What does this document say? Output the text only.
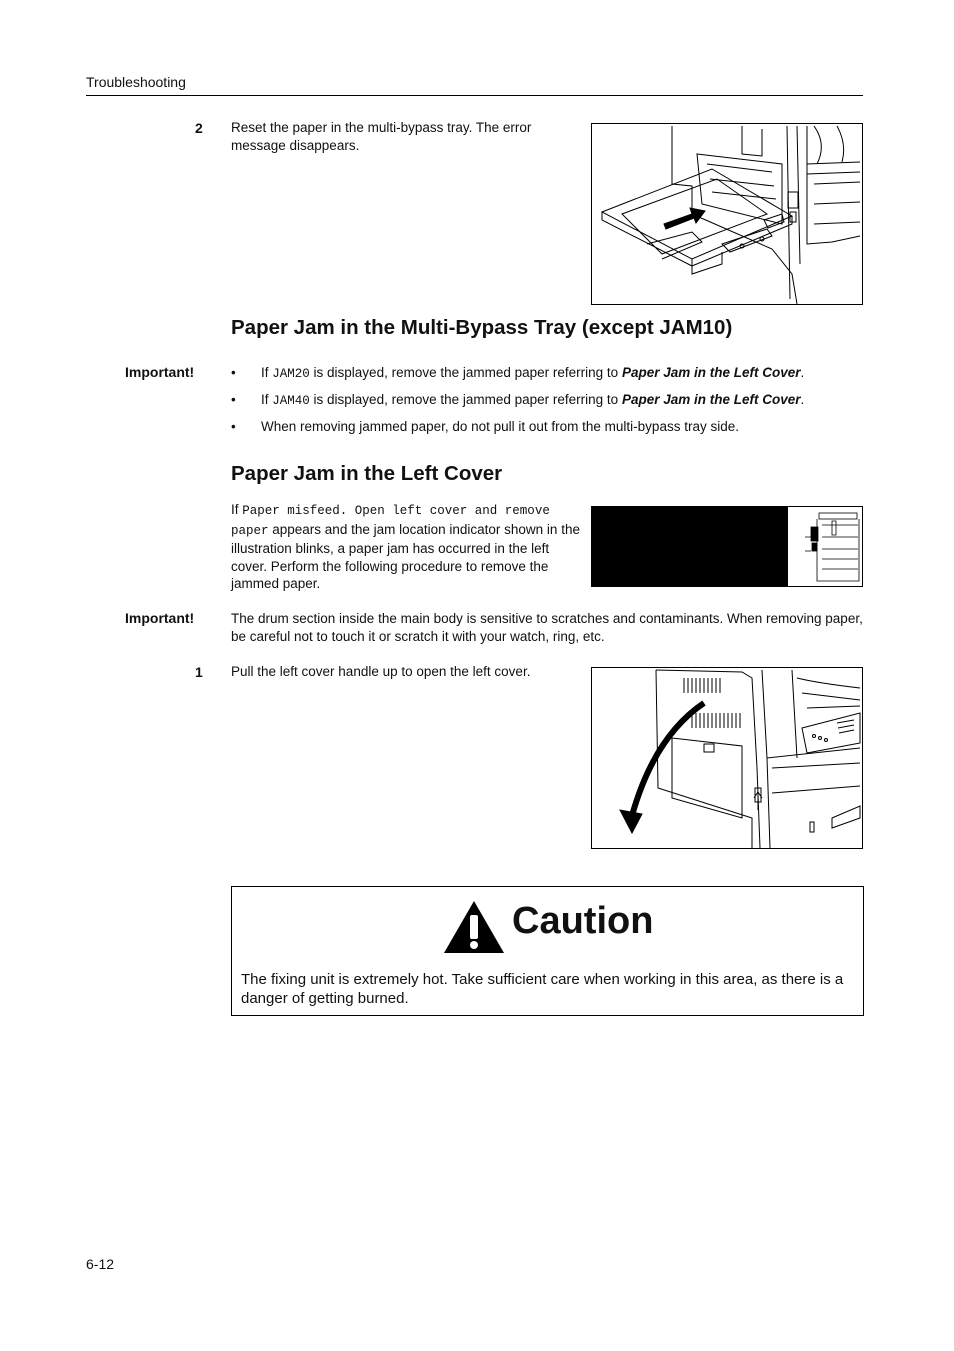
Troubleshooting
2 Reset the paper in the multi-bypass tray. The error message disappears.
Paper Jam in the Multi-Bypass Tray (except JAM10)
Important!	• If JAM20 is displayed, remove the jammed paper referring to Paper Jam in the Left Cover.
• If JAM40 is displayed, remove the jammed paper referring to Paper Jam in the Left Cover.
• When removing jammed paper, do not pull it out from the multi-bypass tray side.
Paper Jam in the Left Cover
If Paper misfeed. Open left cover and remove paper appears and the jam location indicator shown in the illustration blinks, a paper jam has occurred in the left cover. Perform the following procedure to remove the jammed paper.
Important!	The drum section inside the main body is sensitive to scratches and contaminants. When removing paper, be careful not to touch it or scratch it with your watch, ring, etc.
1 Pull the left cover handle up to open the left cover.
Caution
The fixing unit is extremely hot. Take sufficient care when working in this area, as there is a danger of getting burned.
6-12
